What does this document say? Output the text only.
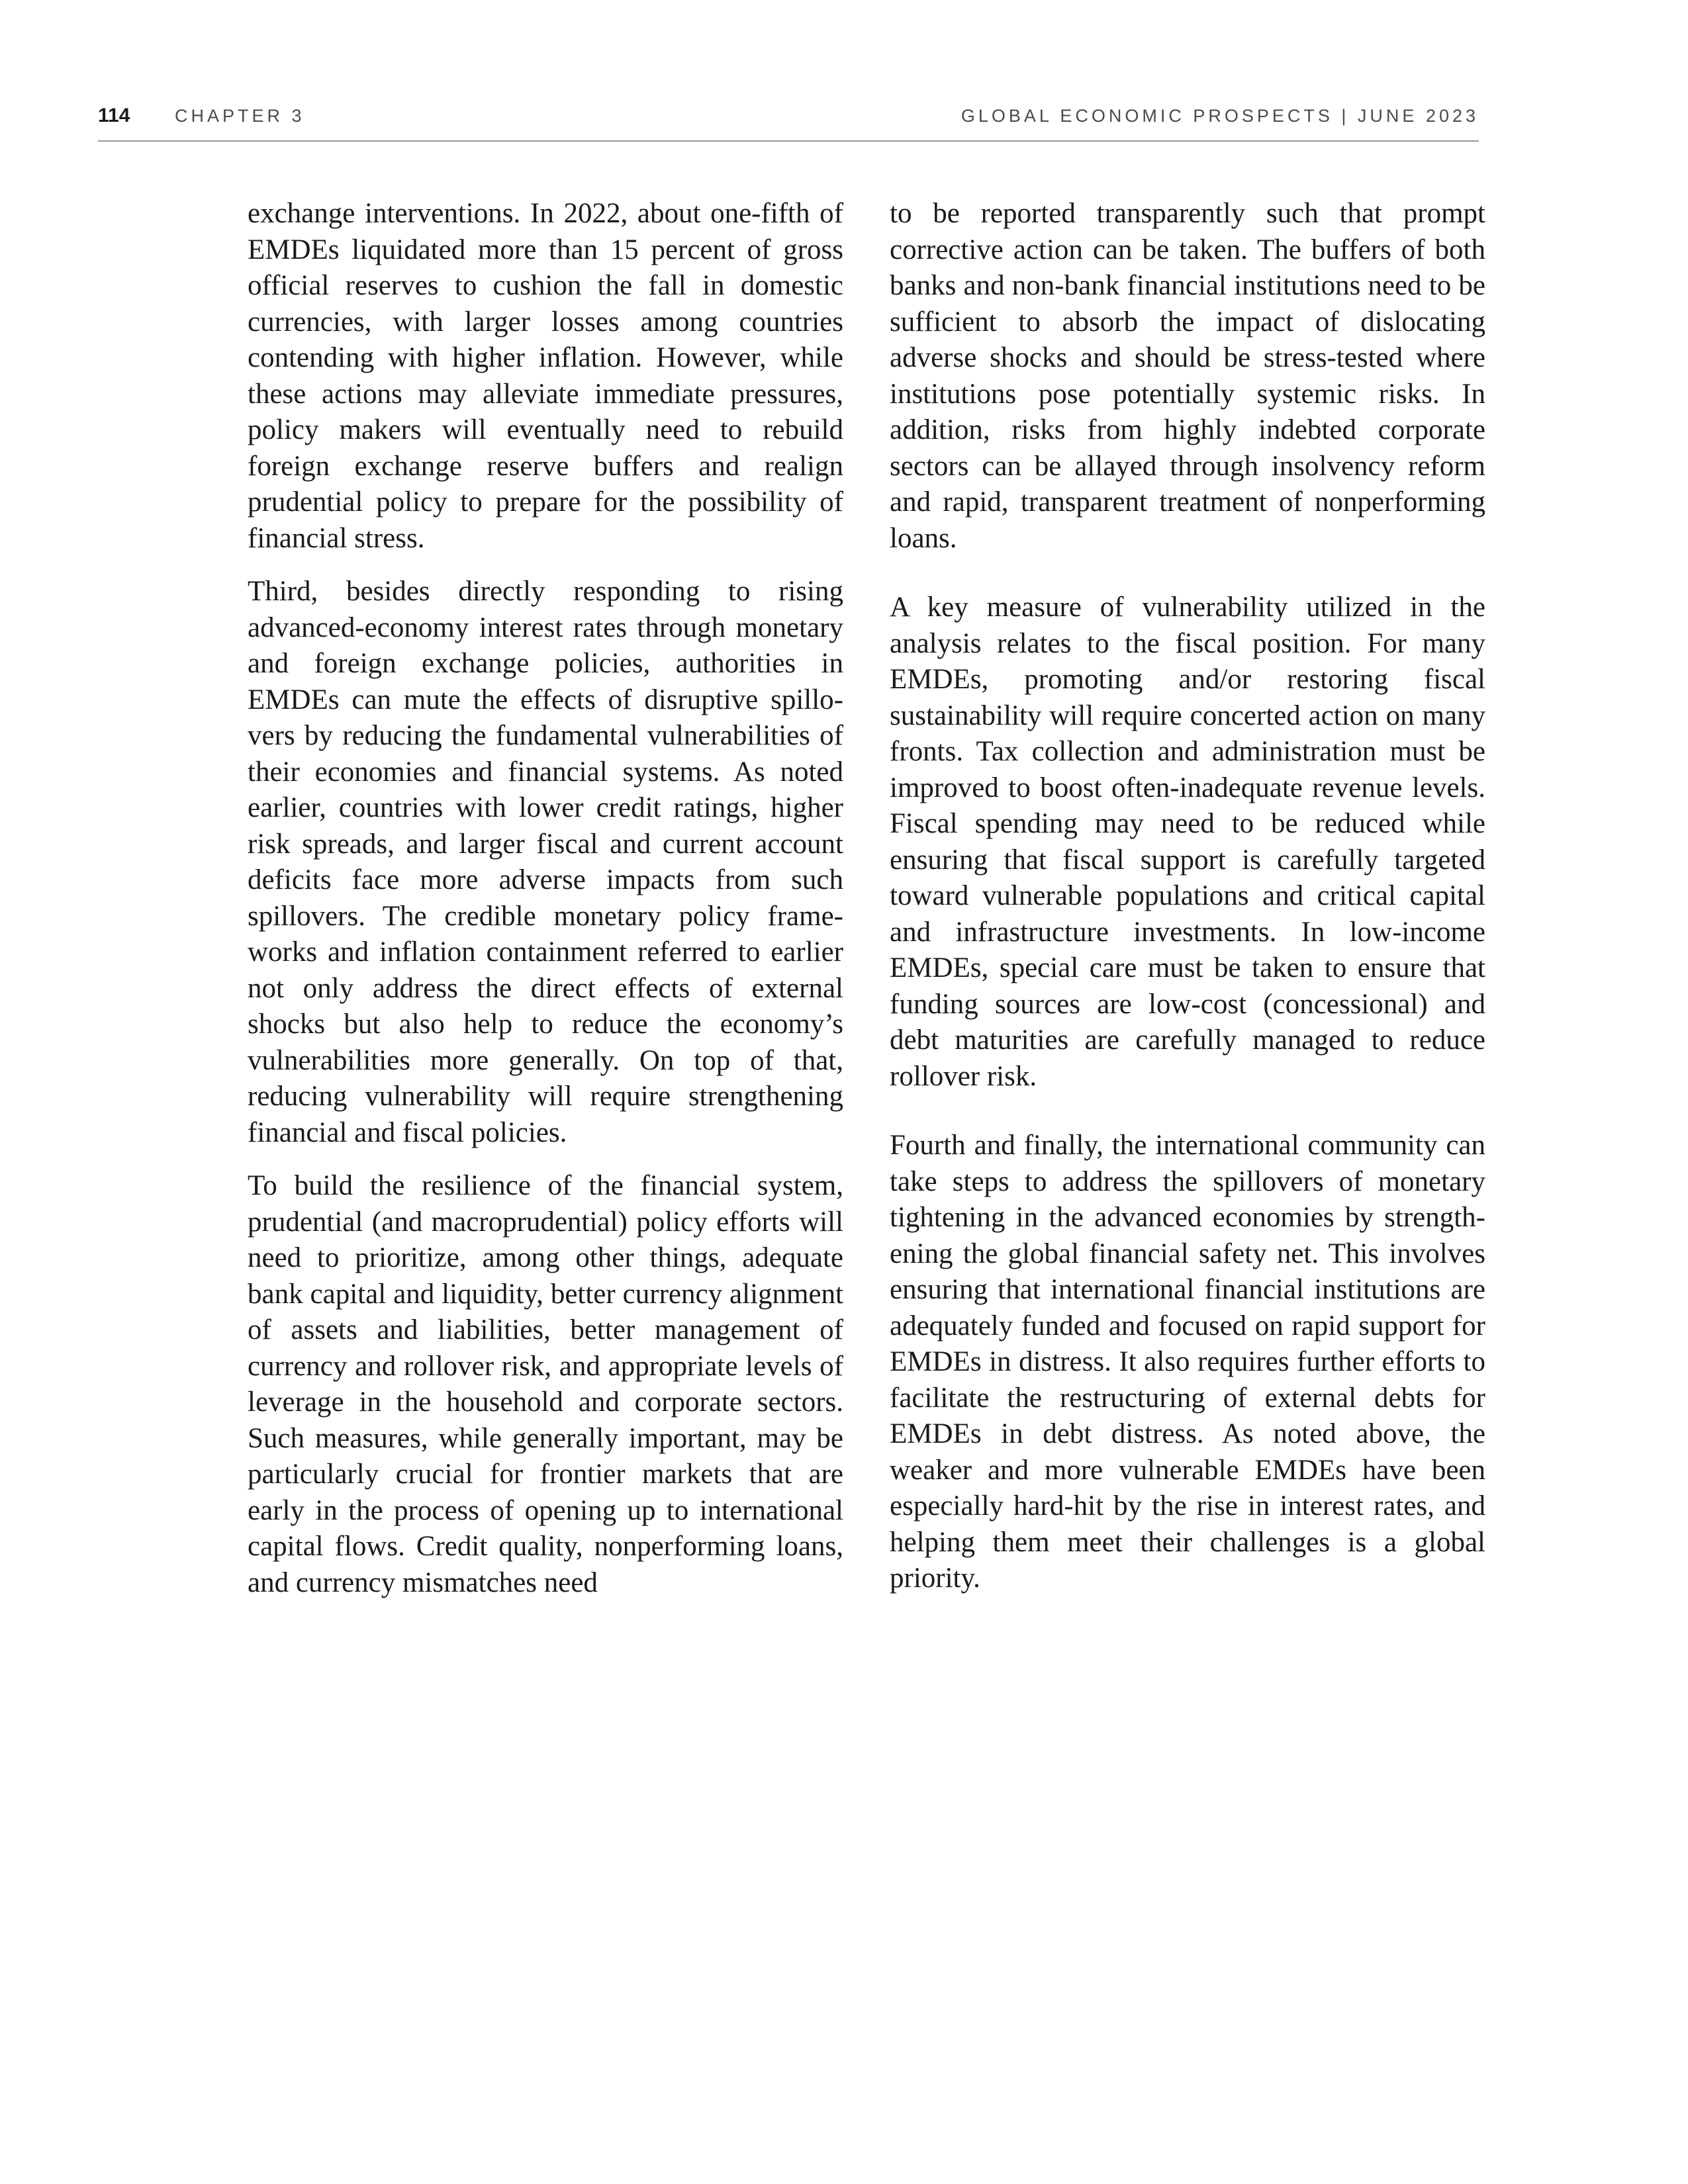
114	CHAPTER 3	GLOBAL ECONOMIC PROSPECTS | JUNE 2023

exchange interventions. In 2022, about one-fifth of EMDEs liquidated more than 15 percent of gross official reserves to cushion the fall in domestic currencies, with larger losses among countries contending with higher inflation. However, while these actions may alleviate immediate pressures, policy makers will eventually need to rebuild foreign exchange reserve buffers and realign prudential policy to prepare for the possibility of financial stress.

Third, besides directly responding to rising advanced-economy interest rates through monetary and foreign exchange policies, authorities in EMDEs can mute the effects of disruptive spillovers by reducing the fundamental vulnerabilities of their economies and financial systems. As noted earlier, countries with lower credit ratings, higher risk spreads, and larger fiscal and current account deficits face more adverse impacts from such spillovers. The credible monetary policy frameworks and inflation containment referred to earlier not only address the direct effects of external shocks but also help to reduce the economy’s vulnerabilities more generally. On top of that, reducing vulnerability will require strengthening financial and fiscal policies.

To build the resilience of the financial system, prudential (and macroprudential) policy efforts will need to prioritize, among other things, adequate bank capital and liquidity, better currency alignment of assets and liabilities, better management of currency and rollover risk, and appropriate levels of leverage in the household and corporate sectors. Such measures, while generally important, may be particularly crucial for frontier markets that are early in the process of opening up to international capital flows. Credit quality, nonperforming loans, and currency mismatches need

to be reported transparently such that prompt corrective action can be taken. The buffers of both banks and non-bank financial institutions need to be sufficient to absorb the impact of dislocating adverse shocks and should be stress-tested where institutions pose potentially systemic risks. In addition, risks from highly indebted corporate sectors can be allayed through insolvency reform and rapid, transparent treatment of nonperforming loans.

A key measure of vulnerability utilized in the analysis relates to the fiscal position. For many EMDEs, promoting and/or restoring fiscal sustainability will require concerted action on many fronts. Tax collection and administration must be improved to boost often-inadequate revenue levels. Fiscal spending may need to be reduced while ensuring that fiscal support is carefully targeted toward vulnerable populations and critical capital and infrastructure investments. In low-income EMDEs, special care must be taken to ensure that funding sources are low-cost (concessional) and debt maturities are carefully managed to reduce rollover risk.

Fourth and finally, the international community can take steps to address the spillovers of monetary tightening in the advanced economies by strengthening the global financial safety net. This involves ensuring that international financial institutions are adequately funded and focused on rapid support for EMDEs in distress. It also requires further efforts to facilitate the restructuring of external debts for EMDEs in debt distress. As noted above, the weaker and more vulnerable EMDEs have been especially hard-hit by the rise in interest rates, and helping them meet their challenges is a global priority.
